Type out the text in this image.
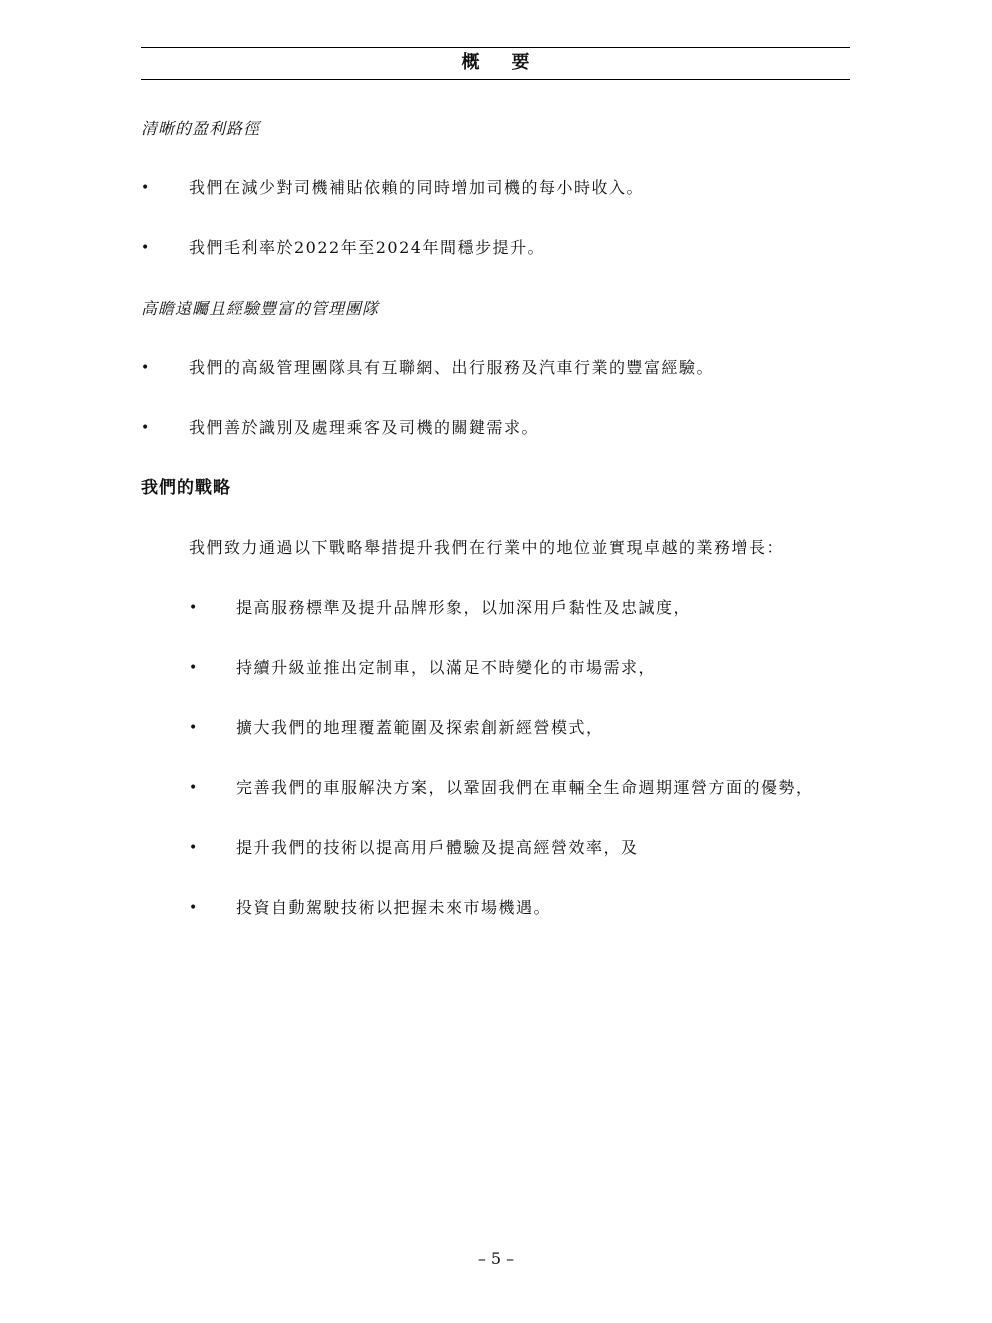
概要
清晰的盈利路徑
• 我們在減少對司機補貼依賴的同時增加司機的每小時收入。
• 我們毛利率於2022年至2024年間穩步提升。
高瞻遠矚且經驗豐富的管理團隊
• 我們的高級管理團隊具有互聯網、出行服務及汽車行業的豐富經驗。
• 我們善於識別及處理乘客及司機的關鍵需求。
我們的戰略
我們致力通過以下戰略舉措提升我們在行業中的地位並實現卓越的業務增長：
• 提高服務標準及提升品牌形象，以加深用戶黏性及忠誠度，
• 持續升級並推出定制車，以滿足不時變化的市場需求，
• 擴大我們的地理覆蓋範圍及探索創新經營模式，
• 完善我們的車服解決方案，以鞏固我們在車輛全生命週期運營方面的優勢，
• 提升我們的技術以提高用戶體驗及提高經營效率，及
• 投資自動駕駛技術以把握未來市場機遇。
– 5 –
